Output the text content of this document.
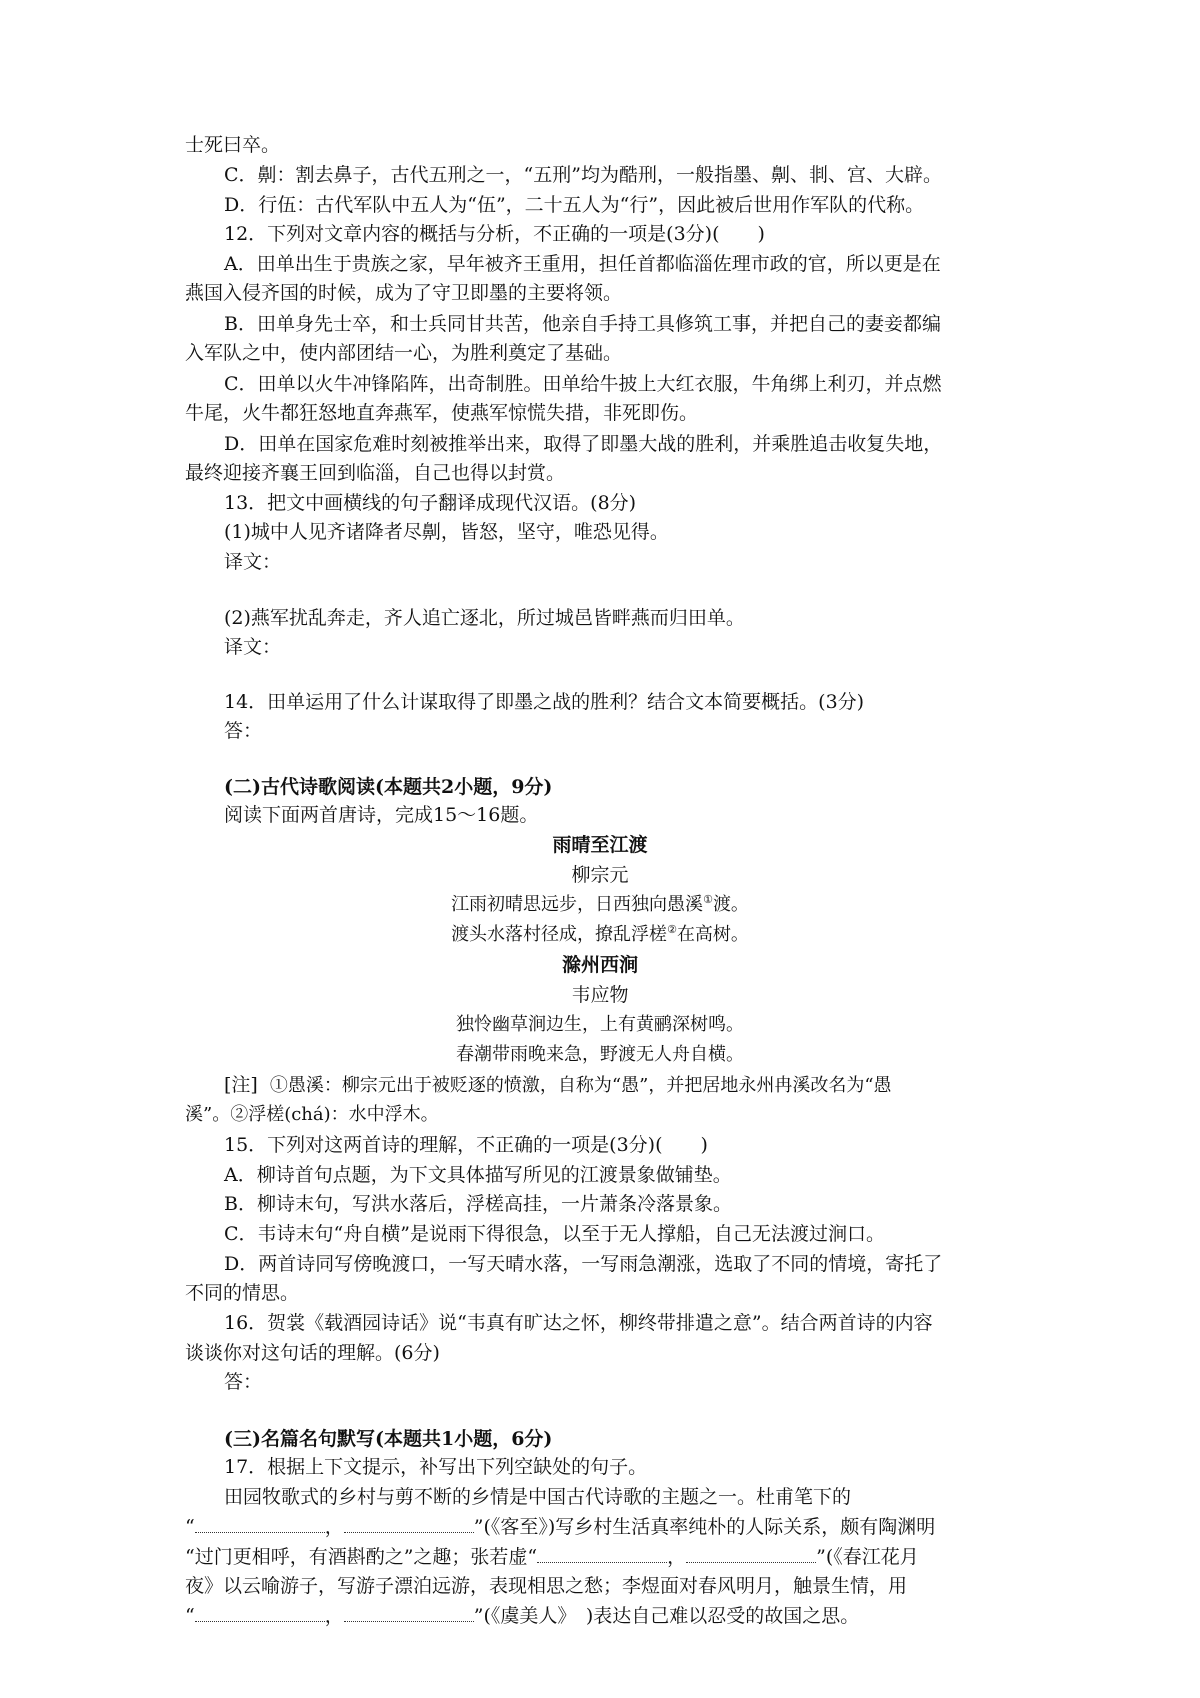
士死曰卒。
C．劓：割去鼻子，古代五刑之一，“五刑”均为酷刑，一般指墨、劓、剕、宫、大辟。
D．行伍：古代军队中五人为“伍”，二十五人为“行”，因此被后世用作军队的代称。
12．下列对文章内容的概括与分析，不正确的一项是(3分)(　　)
A．田单出生于贵族之家，早年被齐王重用，担任首都临淄佐理市政的官，所以更是在
燕国入侵齐国的时候，成为了守卫即墨的主要将领。
B．田单身先士卒，和士兵同甘共苦，他亲自手持工具修筑工事，并把自己的妻妾都编
入军队之中，使内部团结一心，为胜利奠定了基础。
C．田单以火牛冲锋陷阵，出奇制胜。田单给牛披上大红衣服，牛角绑上利刃，并点燃
牛尾，火牛都狂怒地直奔燕军，使燕军惊慌失措，非死即伤。
D．田单在国家危难时刻被推举出来，取得了即墨大战的胜利，并乘胜追击收复失地，
最终迎接齐襄王回到临淄，自己也得以封赏。
13．把文中画横线的句子翻译成现代汉语。(8分)
(1)城中人见齐诸降者尽劓，皆怒，坚守，唯恐见得。
译文：
(2)燕军扰乱奔走，齐人追亡逐北，所过城邑皆畔燕而归田单。
译文：
14．田单运用了什么计谋取得了即墨之战的胜利？结合文本简要概括。(3分)
答：
(二)古代诗歌阅读(本题共2小题，9分)
阅读下面两首唐诗，完成15～16题。
雨晴至江渡
柳宗元
江雨初晴思远步，日西独向愚溪①渡。
渡头水落村径成，撩乱浮槎②在高树。
滁州西涧
韦应物
独怜幽草涧边生，上有黄鹂深树鸣。
春潮带雨晚来急，野渡无人舟自横。
[注] ①愚溪：柳宗元出于被贬逐的愤激，自称为“愚”，并把居地永州冉溪改名为“愚
溪”。②浮槎(chá)：水中浮木。
15．下列对这两首诗的理解，不正确的一项是(3分)(　　)
A．柳诗首句点题，为下文具体描写所见的江渡景象做铺垫。
B．柳诗末句，写洪水落后，浮槎高挂，一片萧条冷落景象。
C．韦诗末句“舟自横”是说雨下得很急，以至于无人撑船，自己无法渡过涧口。
D．两首诗同写傍晚渡口，一写天晴水落，一写雨急潮涨，选取了不同的情境，寄托了
不同的情思。
16．贺裳《载酒园诗话》说“韦真有旷达之怀，柳终带排遣之意”。结合两首诗的内容
谈谈你对这句话的理解。(6分)
答：
(三)名篇名句默写(本题共1小题，6分)
17．根据上下文提示，补写出下列空缺处的句子。
田园牧歌式的乡村与剪不断的乡情是中国古代诗歌的主题之一。杜甫笔下的
“	，	”(《客至》)写乡村生活真率纯朴的人际关系，颇有陶渊明
“过门更相呼，有酒斟酌之”之趣；张若虚“	，	”(《春江花月
夜》以云喻游子，写游子漂泊远游，表现相思之愁；李煜面对春风明月，触景生情，用
“	，	”(《虞美人》　)表达自己难以忍受的故国之思。
